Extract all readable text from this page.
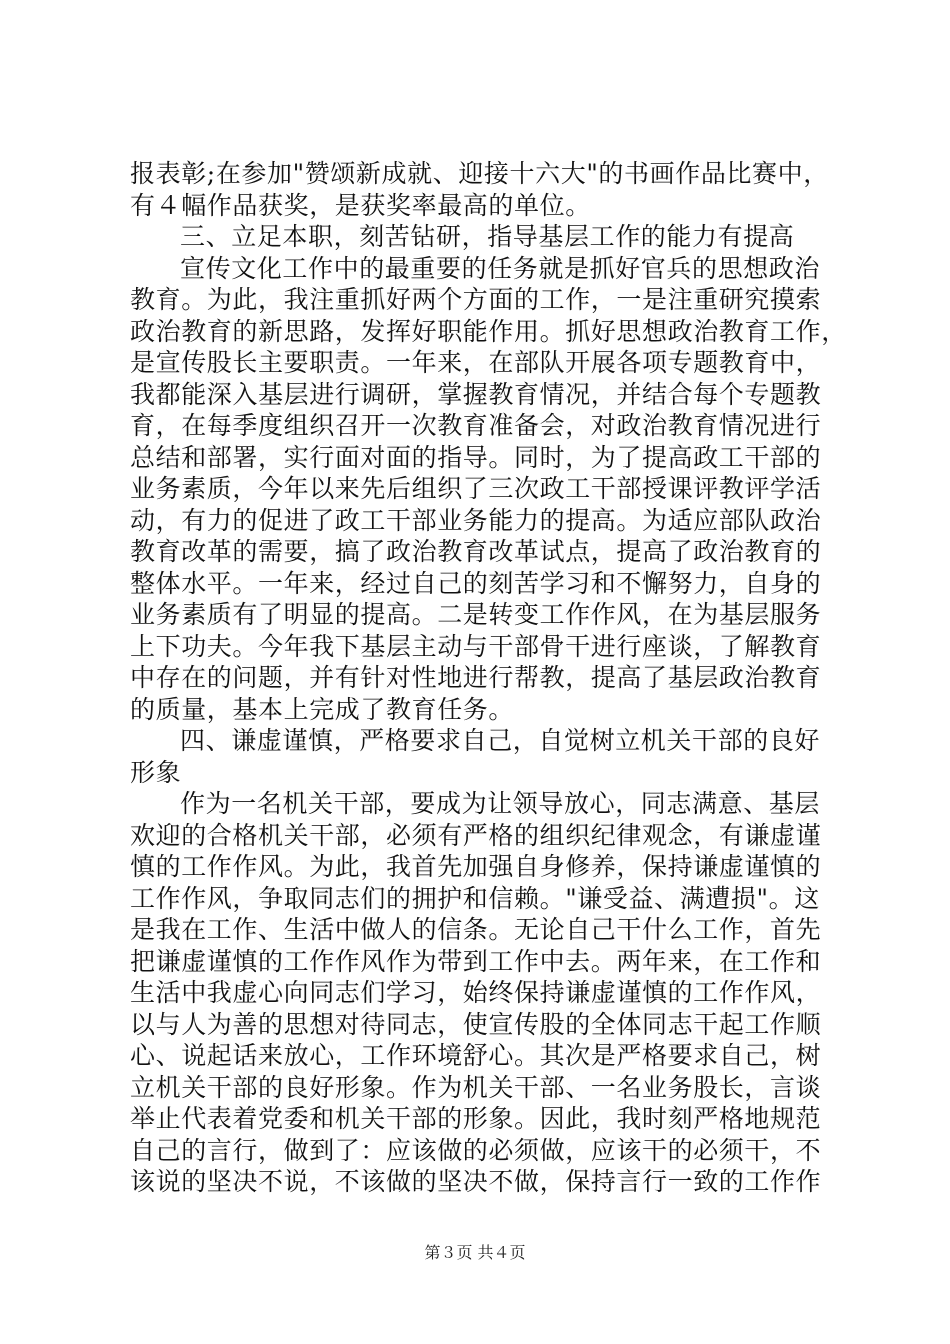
报表彰;在参加"赞颂新成就、迎接十六大"的书画作品比赛中，
有４幅作品获奖，是获奖率最高的单位。
三、立足本职，刻苦钻研，指导基层工作的能力有提高
宣传文化工作中的最重要的任务就是抓好官兵的思想政治
教育。为此，我注重抓好两个方面的工作，一是注重研究摸索
政治教育的新思路，发挥好职能作用。抓好思想政治教育工作，
是宣传股长主要职责。一年来，在部队开展各项专题教育中，
我都能深入基层进行调研，掌握教育情况，并结合每个专题教
育，在每季度组织召开一次教育准备会，对政治教育情况进行
总结和部署，实行面对面的指导。同时，为了提高政工干部的
业务素质，今年以来先后组织了三次政工干部授课评教评学活
动，有力的促进了政工干部业务能力的提高。为适应部队政治
教育改革的需要，搞了政治教育改革试点，提高了政治教育的
整体水平。一年来，经过自己的刻苦学习和不懈努力，自身的
业务素质有了明显的提高。二是转变工作作风，在为基层服务
上下功夫。今年我下基层主动与干部骨干进行座谈，了解教育
中存在的问题，并有针对性地进行帮教，提高了基层政治教育
的质量，基本上完成了教育任务。
四、谦虚谨慎，严格要求自己，自觉树立机关干部的良好
形象
作为一名机关干部，要成为让领导放心，同志满意、基层
欢迎的合格机关干部，必须有严格的组织纪律观念，有谦虚谨
慎的工作作风。为此，我首先加强自身修养，保持谦虚谨慎的
工作作风，争取同志们的拥护和信赖。"谦受益、满遭损"。这
是我在工作、生活中做人的信条。无论自己干什么工作，首先
把谦虚谨慎的工作作风作为带到工作中去。两年来，在工作和
生活中我虚心向同志们学习，始终保持谦虚谨慎的工作作风，
以与人为善的思想对待同志，使宣传股的全体同志干起工作顺
心、说起话来放心，工作环境舒心。其次是严格要求自己，树
立机关干部的良好形象。作为机关干部、一名业务股长，言谈
举止代表着党委和机关干部的形象。因此，我时刻严格地规范
自己的言行，做到了：应该做的必须做，应该干的必须干，不
该说的坚决不说，不该做的坚决不做，保持言行一致的工作作
第３页 共４页
